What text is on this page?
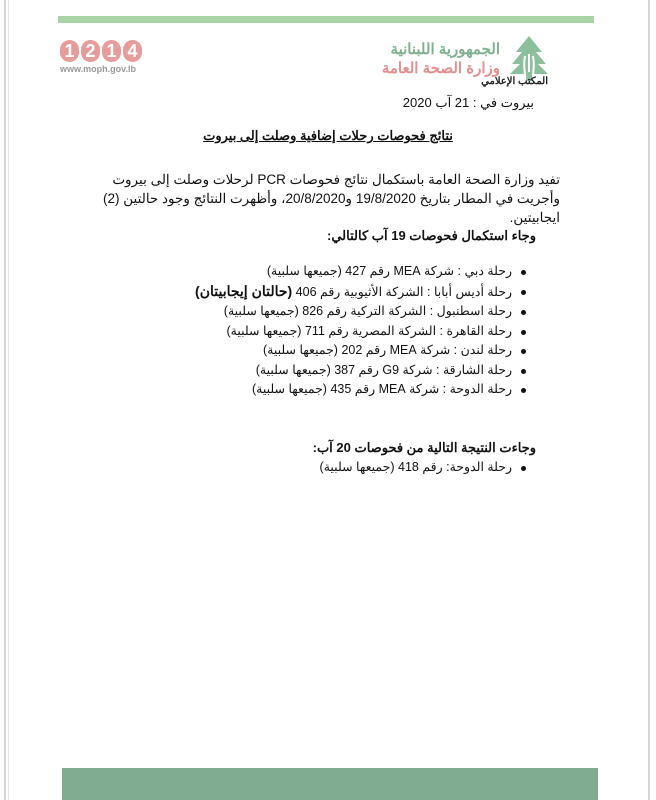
1 2 1 4
www.moph.gov.lb
الجمهورية اللبنانية
وزارة الصحة العامة
المكتب الإعلامي
بيروت في : 21 آب 2020
نتائج فحوصات رحلات إضافية وصلت إلى بيروت
تفيد وزارة الصحة العامة باستكمال نتائج فحوصات PCR لرحلات وصلت إلى بيروت وأجريت في المطار بتاريخ 19/8/2020 و20/8/2020، وأظهرت النتائج وجود حالتين (2) ايجابيتين.
وجاء استكمال فحوصات 19 آب كالتالي:
رحلة دبي : شركة MEA رقم 427 (جميعها سلبية)
رحلة أديس أبابا : الشركة الأثيوبية رقم 406 (حالتان إيجابيتان)
رحلة اسطنبول : الشركة التركية رقم 826 (جميعها سلبية)
رحلة القاهرة : الشركة المصرية رقم 711 (جميعها سلبية)
رحلة لندن : شركة MEA رقم 202 (جميعها سلبية)
رحلة الشارقة : شركة G9 رقم 387 (جميعها سلبية)
رحلة الدوحة : شركة MEA رقم 435 (جميعها سلبية)
وجاءت النتيجة التالية من فحوصات 20 آب:
رحلة الدوحة: رقم 418 (جميعها سلبية)
